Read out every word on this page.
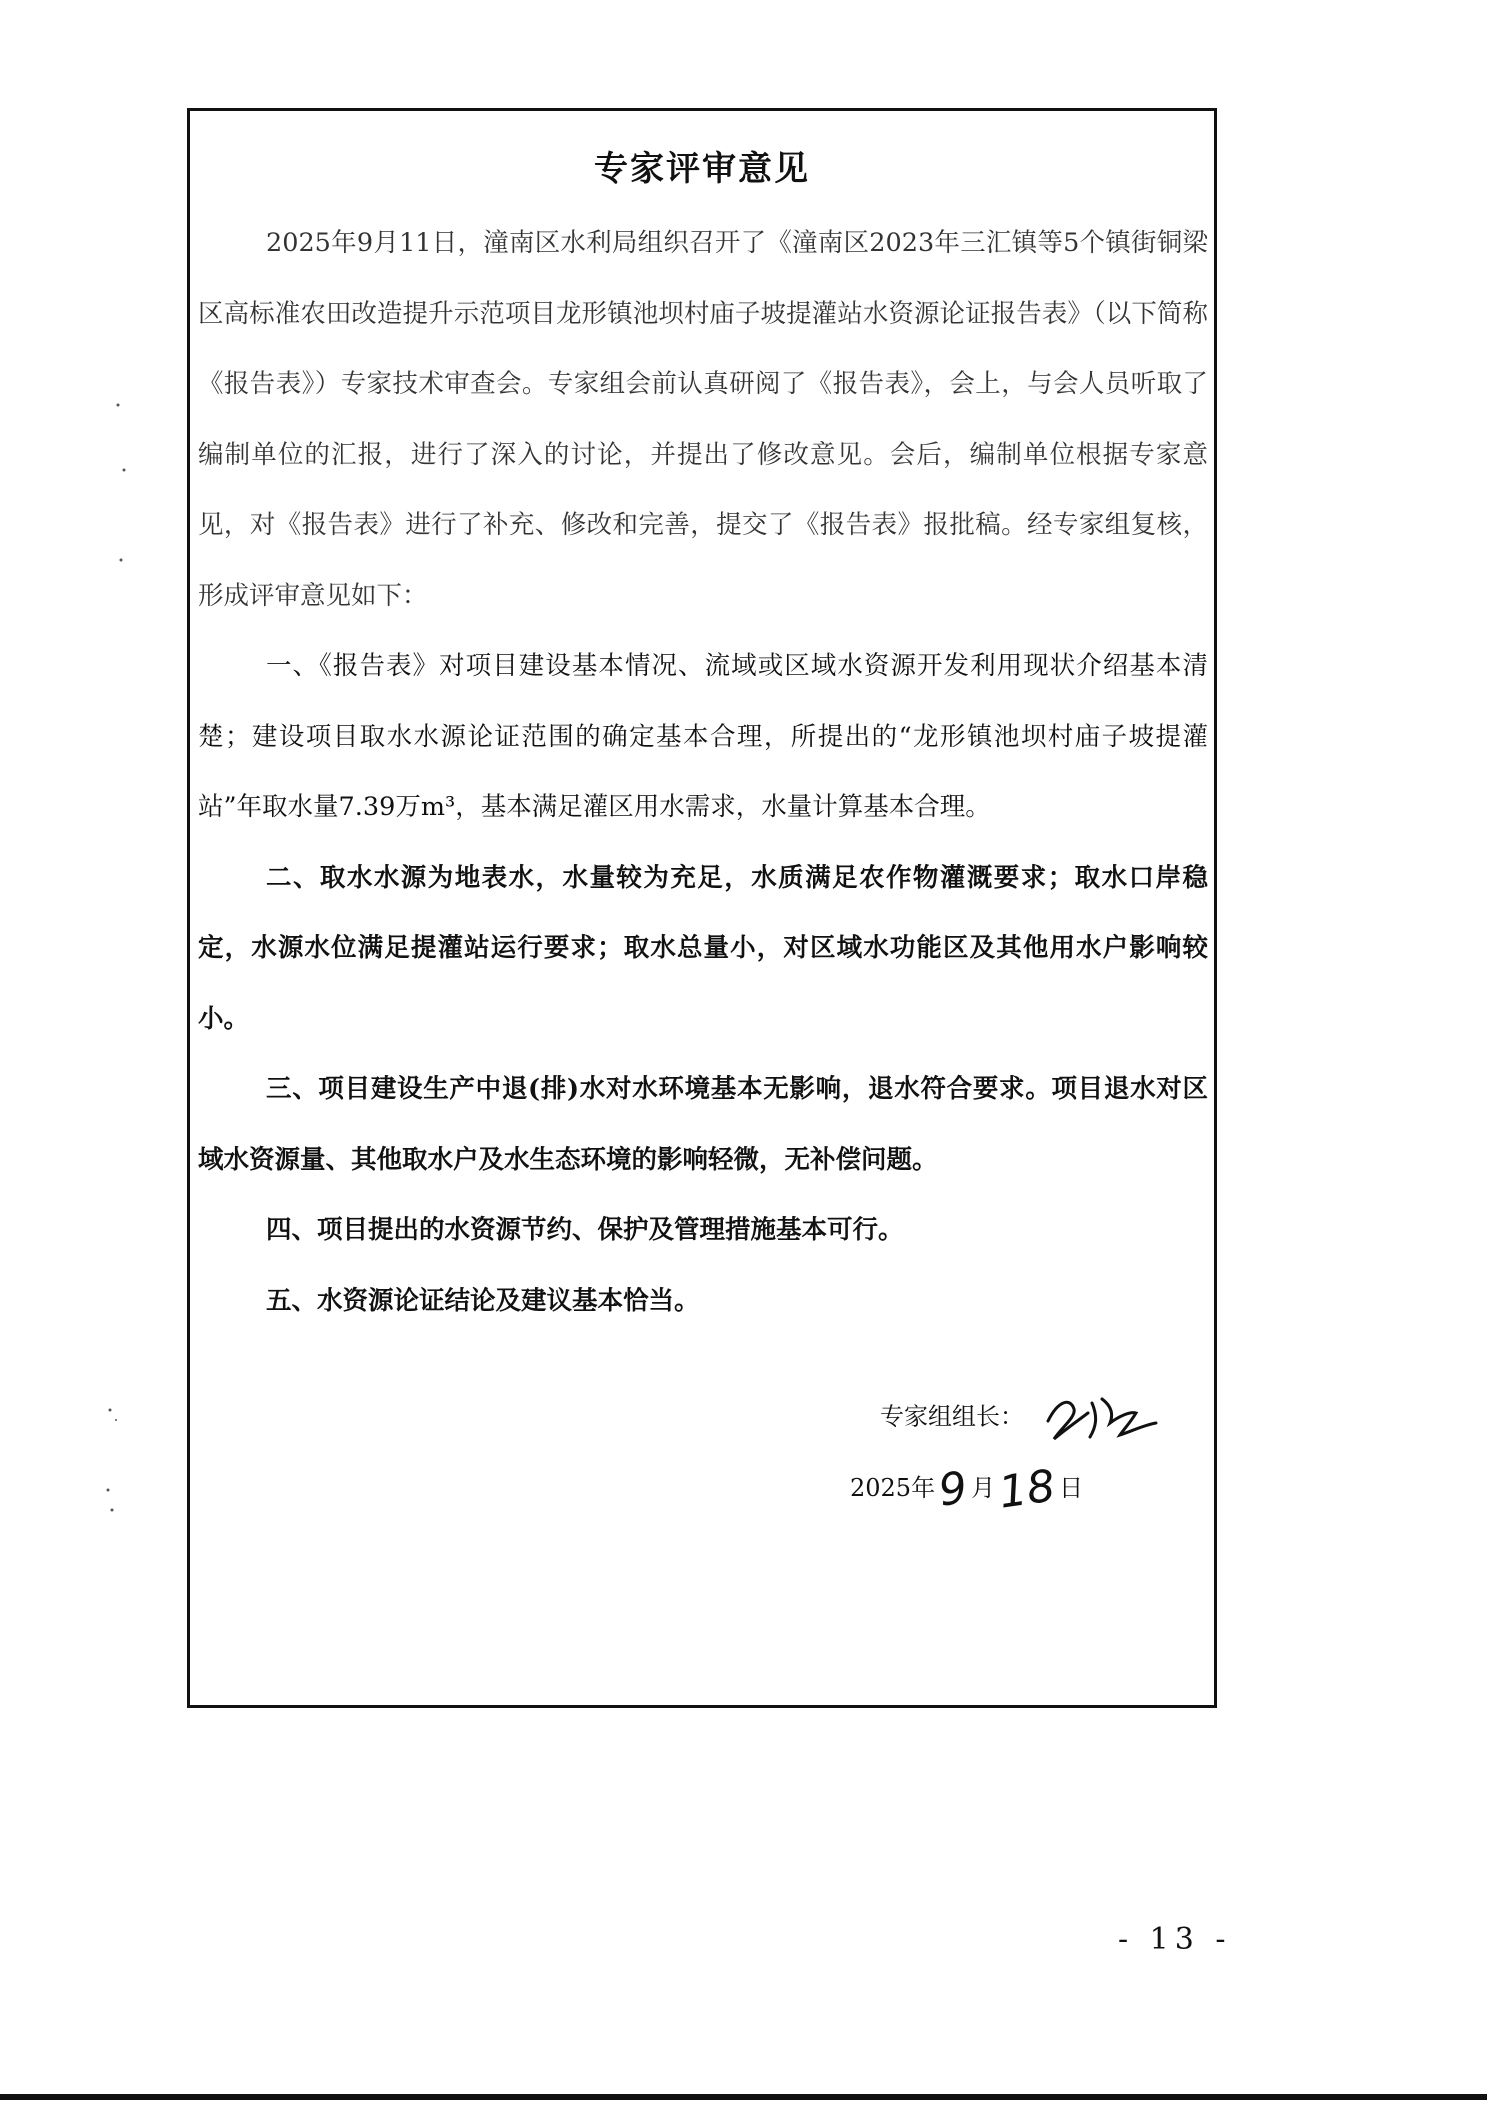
专家评审意见

2025年9月11日，潼南区水利局组织召开了《潼南区2023年三汇镇等5个镇街铜梁区高标准农田改造提升示范项目龙形镇池坝村庙子坡提灌站水资源论证报告表》（以下简称《报告表》）专家技术审查会。专家组会前认真研阅了《报告表》，会上，与会人员听取了编制单位的汇报，进行了深入的讨论，并提出了修改意见。会后，编制单位根据专家意见，对《报告表》进行了补充、修改和完善，提交了《报告表》报批稿。经专家组复核，形成评审意见如下：

一、《报告表》对项目建设基本情况、流域或区域水资源开发利用现状介绍基本清楚；建设项目取水水源论证范围的确定基本合理，所提出的“龙形镇池坝村庙子坡提灌站”年取水量7.39万m³，基本满足灌区用水需求，水量计算基本合理。

二、取水水源为地表水，水量较为充足，水质满足农作物灌溉要求；取水口岸稳定，水源水位满足提灌站运行要求；取水总量小，对区域水功能区及其他用水户影响较小。

三、项目建设生产中退(排)水对水环境基本无影响，退水符合要求。项目退水对区域水资源量、其他取水户及水生态环境的影响轻微，无补偿问题。

四、项目提出的水资源节约、保护及管理措施基本可行。

五、水资源论证结论及建议基本恰当。

专家组组长：
2025年9月18日
- 13 -
